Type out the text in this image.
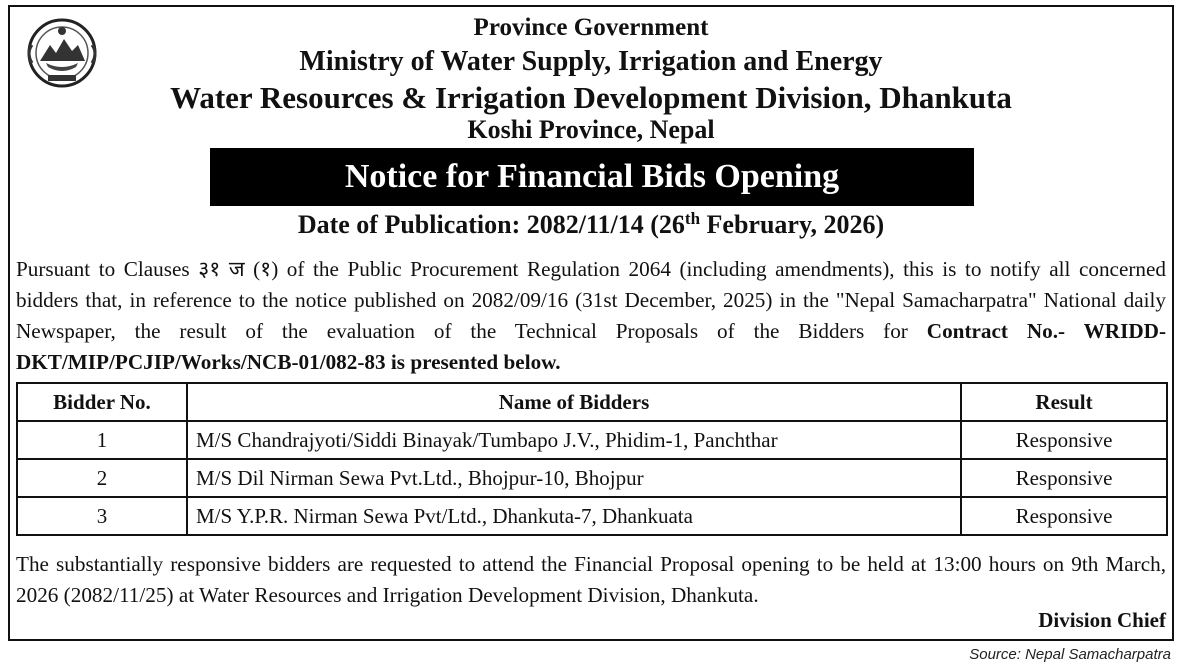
Province Government
Ministry of Water Supply, Irrigation and Energy
Water Resources & Irrigation Development Division, Dhankuta
Koshi Province, Nepal
Notice for Financial Bids Opening
Date of Publication: 2082/11/14 (26th February, 2026)
Pursuant to Clauses ३१ ज (१) of the Public Procurement Regulation 2064 (including amendments), this is to notify all concerned bidders that, in reference to the notice published on 2082/09/16 (31st December, 2025) in the "Nepal Samacharpatra" National daily Newspaper, the result of the evaluation of the Technical Proposals of the Bidders for Contract No.- WRIDD-DKT/MIP/PCJIP/Works/NCB-01/082-83 is presented below.
Bidder No.	Name of Bidders	Result
1	M/S Chandrajyoti/Siddi Binayak/Tumbapo J.V., Phidim-1, Panchthar	Responsive
2	M/S Dil Nirman Sewa Pvt.Ltd., Bhojpur-10, Bhojpur	Responsive
3	M/S Y.P.R. Nirman Sewa Pvt/Ltd., Dhankuta-7, Dhankuata	Responsive
The substantially responsive bidders are requested to attend the Financial Proposal opening to be held at 13:00 hours on 9th March, 2026 (2082/11/25) at Water Resources and Irrigation Development Division, Dhankuta.
Division Chief
Source: Nepal Samacharpatra
